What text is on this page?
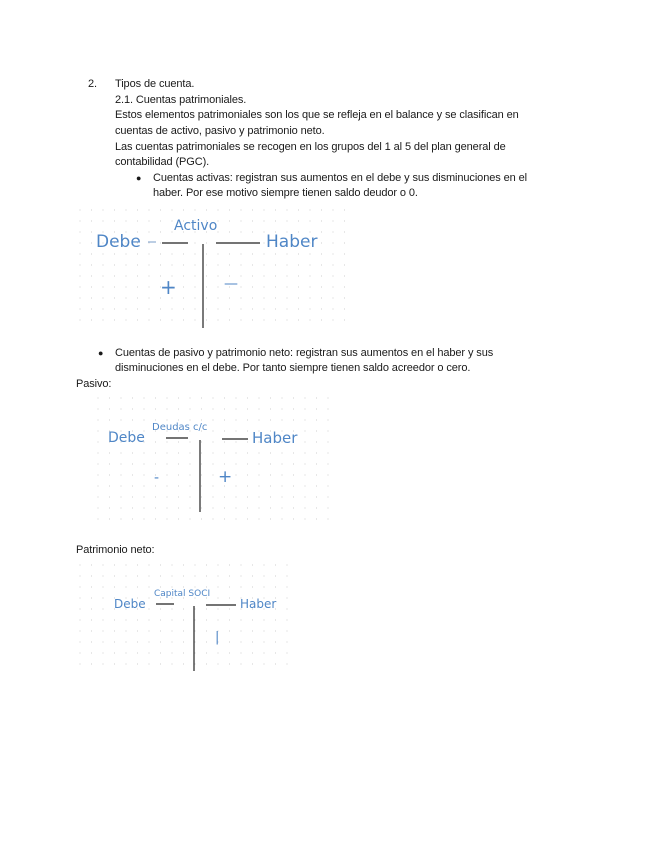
2. Tipos de cuenta.
2.1. Cuentas patrimoniales.
Estos elementos patrimoniales son los que se refleja en el balance y se clasifican en
cuentas de activo, pasivo y patrimonio neto.
Las cuentas patrimoniales se recogen en los grupos del 1 al 5 del plan general de
contabilidad (PGC).
● Cuentas activas: registran sus aumentos en el debe y sus disminuciones en el
haber. Por ese motivo siempre tienen saldo deudor o 0.
Debe
Activo
Haber
+	—
● Cuentas de pasivo y patrimonio neto: registran sus aumentos en el haber y sus
disminuciones en el debe. Por tanto siempre tienen saldo acreedor o cero.
Pasivo:
Debe
Deudas c/c
Haber
-	+
Patrimonio neto:
Debe
Capital SOCI
Haber
|
